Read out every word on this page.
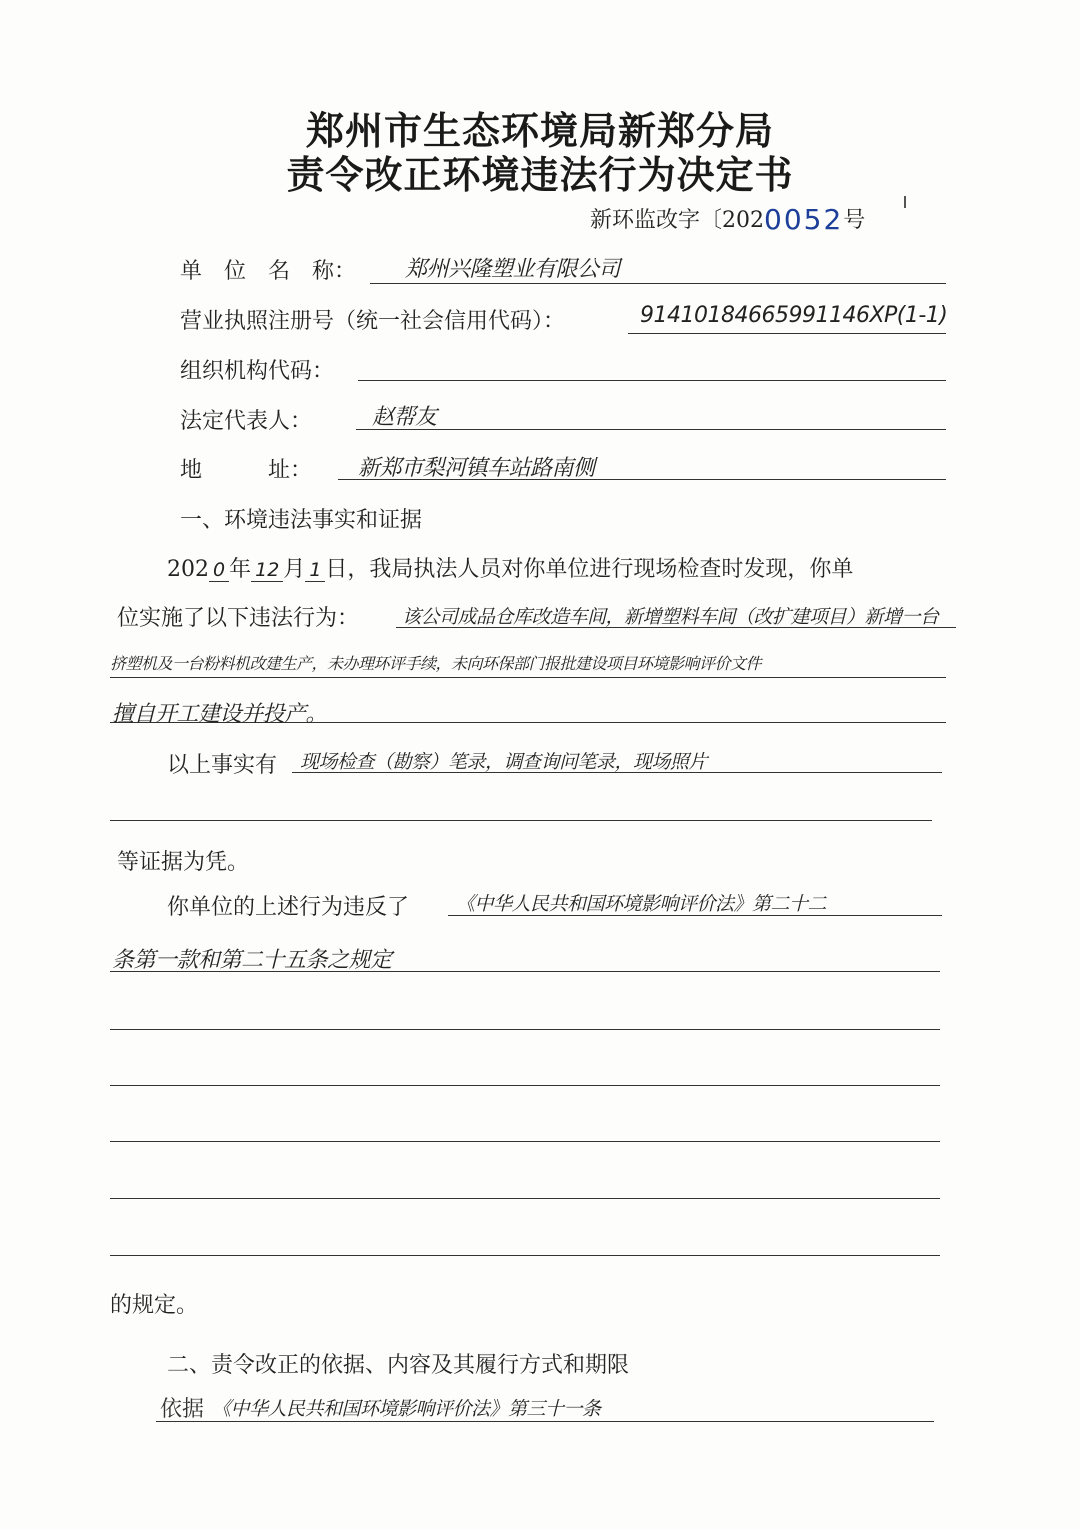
郑州市生态环境局新郑分局
责令改正环境违法行为决定书
新环监改字〔2020052号
单　位　名　称： 郑州兴隆塑业有限公司
营业执照注册号（统一社会信用代码）：	91410184665991146XP(1-1)
组织机构代码：
法定代表人：	赵帮友
地　　　址： 新郑市梨河镇车站路南侧
一、环境违法事实和证据
202 0 年 12 月 1 日，我局执法人员对你单位进行现场检查时发现，你单
位实施了以下违法行为： 该公司成品仓库改造车间，新增塑料车间（改扩建项目）新增一台
挤塑机及一台粉料机改建生产，未办理环评手续，未向环保部门报批建设项目环境影响评价文件
擅自开工建设并投产。
以上事实有 现场检查（勘察）笔录，调查询问笔录，现场照片
等证据为凭。
你单位的上述行为违反了 《中华人民共和国环境影响评价法》第二十二
条第一款和第二十五条之规定
的规定。
二、责令改正的依据、内容及其履行方式和期限
依据 《中华人民共和国环境影响评价法》第三十一条
